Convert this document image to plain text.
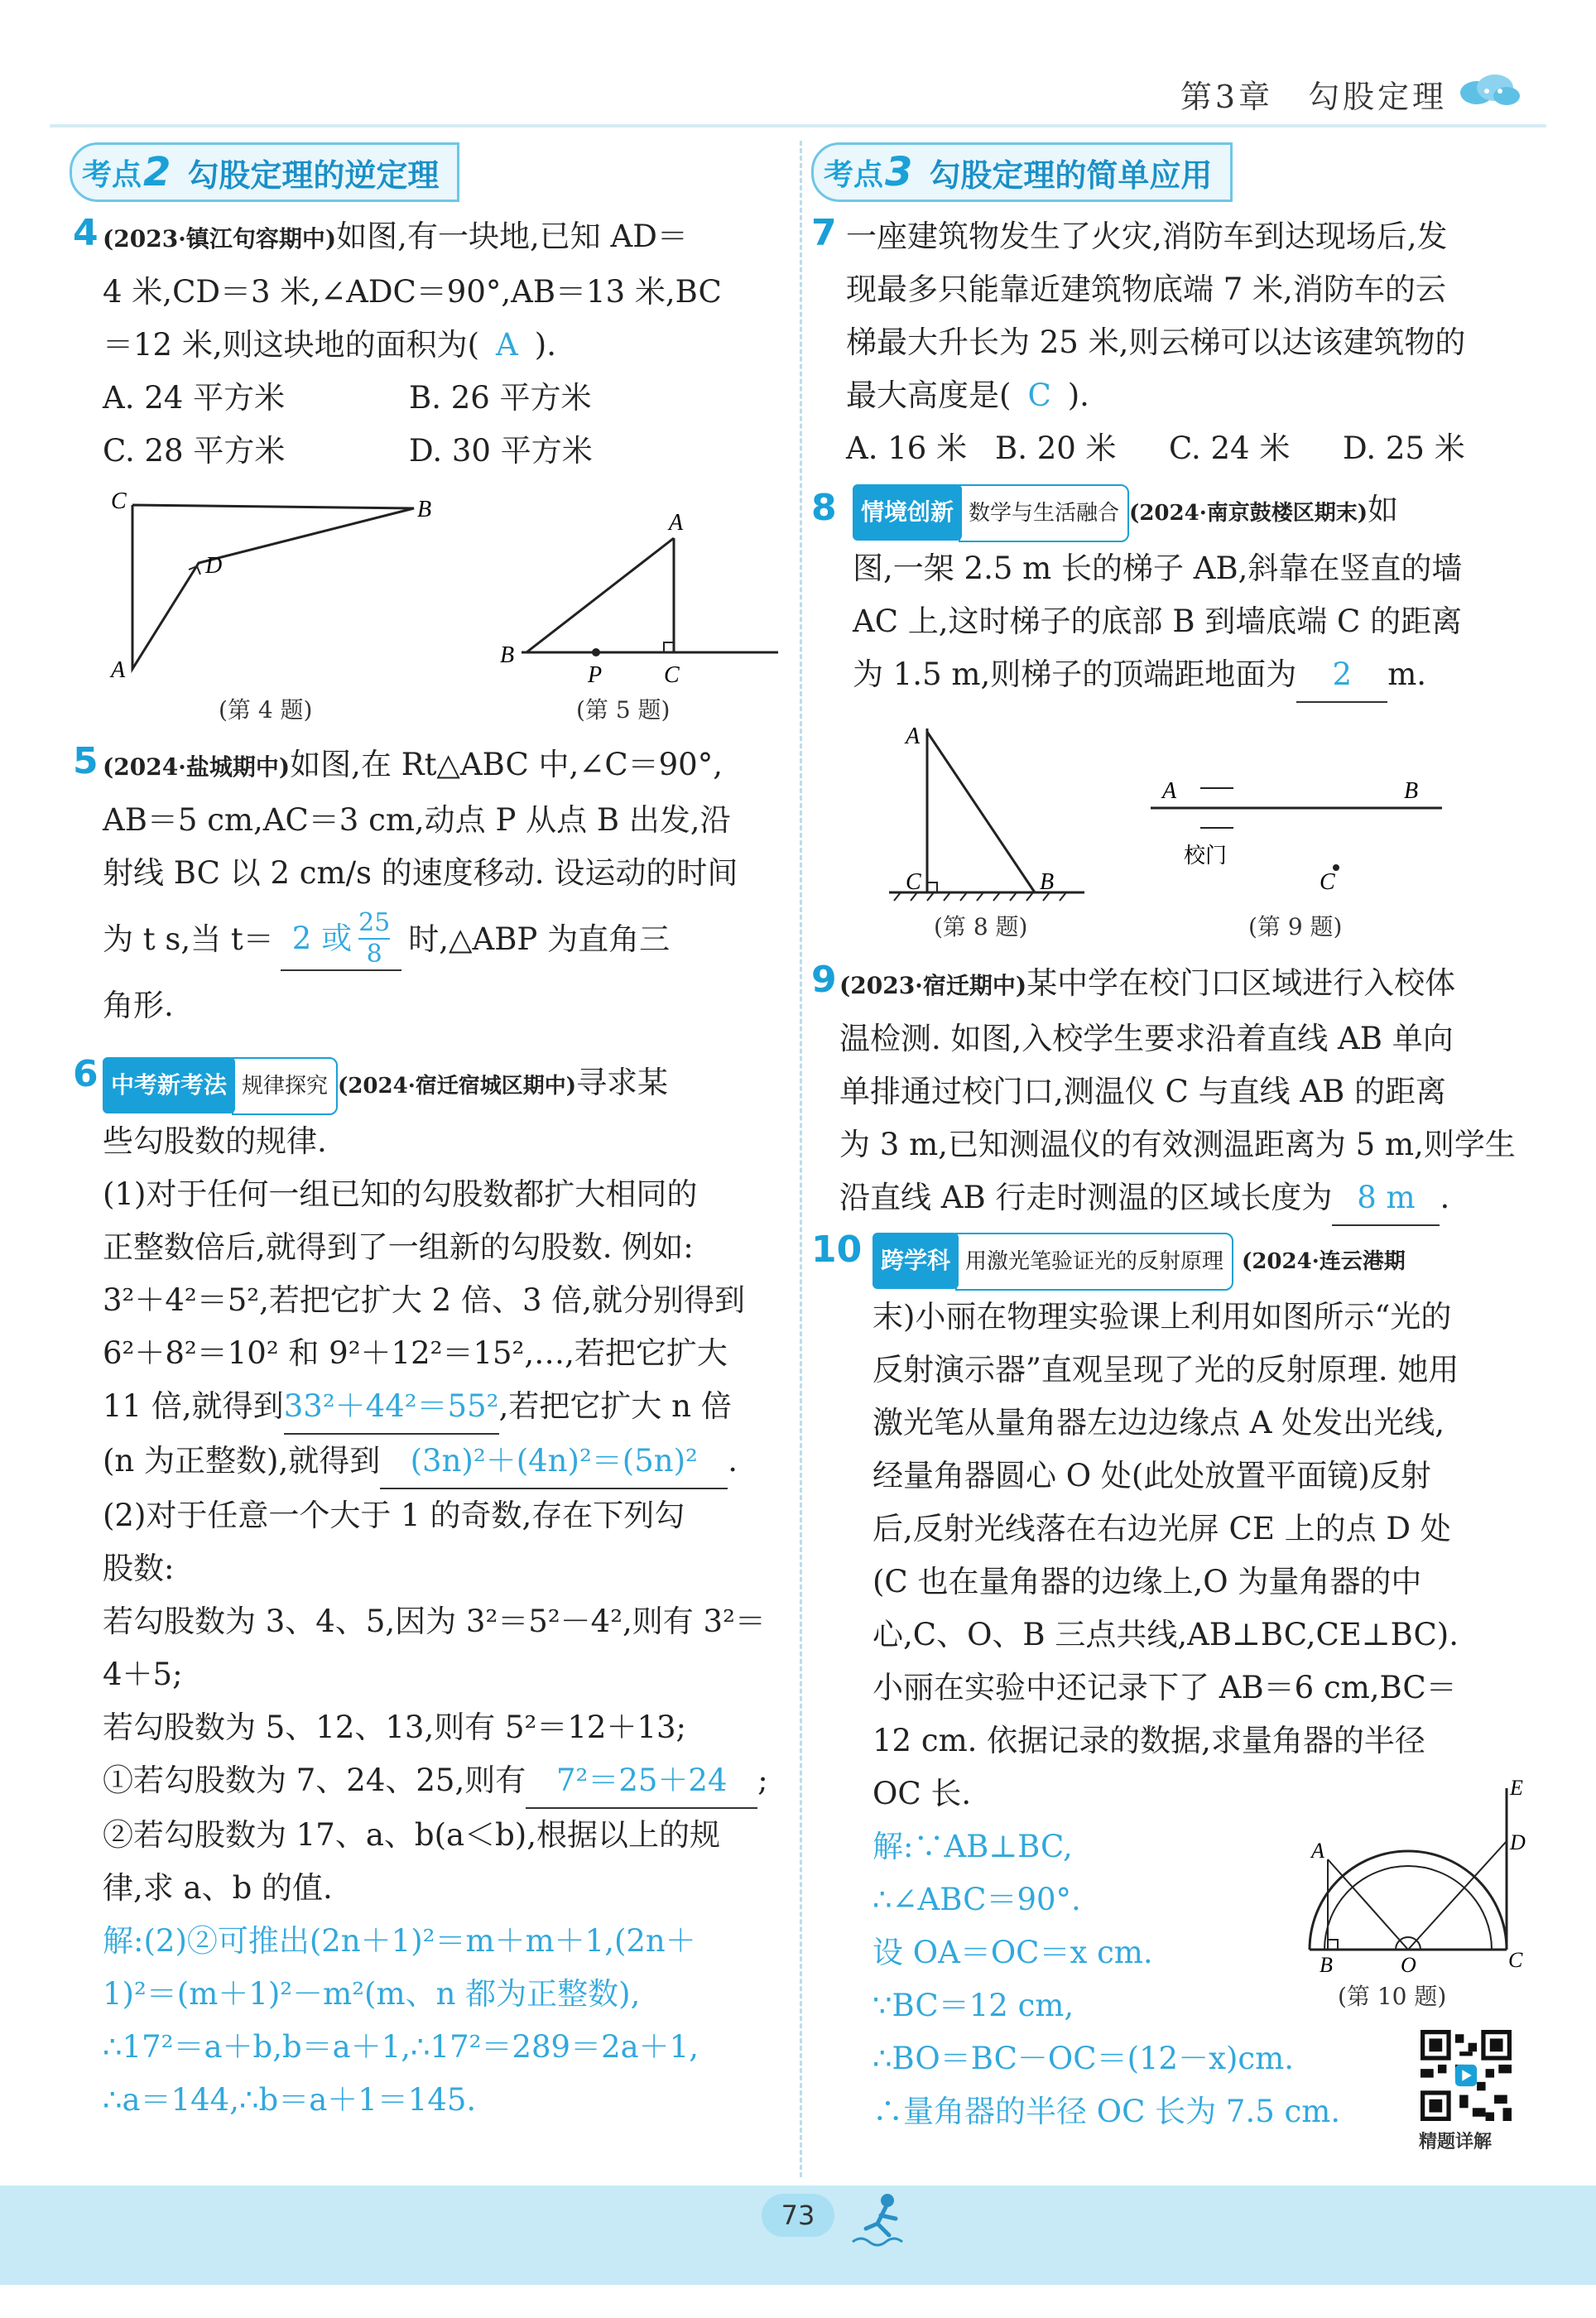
第3章　勾股定理
考点 2 勾股定理的逆定理
4 (2023·镇江句容期中)如图,有一块地,已知 AD＝
4 米,CD＝3 米,∠ADC＝90°,AB＝13 米,BC
＝12 米,则这块地的面积为( A ).
A. 24 平方米	B. 26 平方米
C. 28 平方米	D. 30 平方米
C	B
D
A
(第 4 题)
A
B
P	C
(第 5 题)
5 (2024·盐城期中)如图,在 Rt△ABC 中,∠C＝90°,
AB＝5 cm,AC＝3 cm,动点 P 从点 B 出发,沿
射线 BC 以 2 cm/s 的速度移动. 设运动的时间
为 t s,当 t＝ 2 或 $\frac{25}{8}$ 时,△ABP 为直角三
角形.
6 中考新考法 规律探究 (2024·宿迁宿城区期中)寻求某
些勾股数的规律.
(1)对于任何一组已知的勾股数都扩大相同的
正整数倍后,就得到了一组新的勾股数. 例如:
3²＋4²＝5²,若把它扩大 2 倍、3 倍,就分别得到
6²＋8²＝10² 和 9²＋12²＝15²,…,若把它扩大
11 倍,就得到33²＋44²＝55²,若把它扩大 n 倍
(n 为正整数),就得到 (3n)²＋(4n)²＝(5n)² .
(2)对于任意一个大于 1 的奇数,存在下列勾
股数:
若勾股数为 3、4、5,因为 3²＝5²－4²,则有 3²＝
4＋5;
若勾股数为 5、12、13,则有 5²＝12＋13;
①若勾股数为 7、24、25,则有 7²＝25＋24 ;
②若勾股数为 17、a、b(a＜b),根据以上的规
律,求 a、b 的值.
解:(2)②可推出(2n＋1)²＝m＋m＋1,(2n＋
1)²＝(m＋1)²－m²(m、n 都为正整数),
∴17²＝a＋b,b＝a＋1,∴17²＝289＝2a＋1,
∴a＝144,∴b＝a＋1＝145.
考点 3 勾股定理的简单应用
7 一座建筑物发生了火灾,消防车到达现场后,发
现最多只能靠近建筑物底端 7 米,消防车的云
梯最大升长为 25 米,则云梯可以达该建筑物的
最大高度是( C ).
A. 16 米 B. 20 米	C. 24 米	D. 25 米
8	情境创新 数学与生活融合 (2024·南京鼓楼区期末)如
图,一架 2.5 m 长的梯子 AB,斜靠在竖直的墙
AC 上,这时梯子的底部 B 到墙底端 C 的距离
为 1.5 m,则梯子的顶端距地面为 2 m.
A
C	B
(第 8 题)
A	B
校门
C
(第 9 题)
9 (2023·宿迁期中)某中学在校门口区域进行入校体
温检测. 如图,入校学生要求沿着直线 AB 单向
单排通过校门口,测温仪 C 与直线 AB 的距离
为 3 m,已知测温仪的有效测温距离为 5 m,则学生
沿直线 AB 行走时测温的区域长度为 8 m .
10 跨学科 用激光笔验证光的反射原理 (2024·连云港期
末)小丽在物理实验课上利用如图所示“光的
反射演示器”直观呈现了光的反射原理. 她用
激光笔从量角器左边边缘点 A 处发出光线,
经量角器圆心 O 处(此处放置平面镜)反射
后,反射光线落在右边光屏 CE 上的点 D 处
(C 也在量角器的边缘上,O 为量角器的中
心,C、O、B 三点共线,AB⊥BC,CE⊥BC).
小丽在实验中还记录下了 AB＝6 cm,BC＝
12 cm. 依据记录的数据,求量角器的半径
OC 长.
解:∵AB⊥BC,
∴∠ABC＝90°.
设 OA＝OC＝x cm.
∵BC＝12 cm,
∴BO＝BC－OC＝(12－x)cm.
∴量角器的半径 OC 长为 7.5 cm.
E
D
A
B	O	C
(第 10 题)
精题详解
73
